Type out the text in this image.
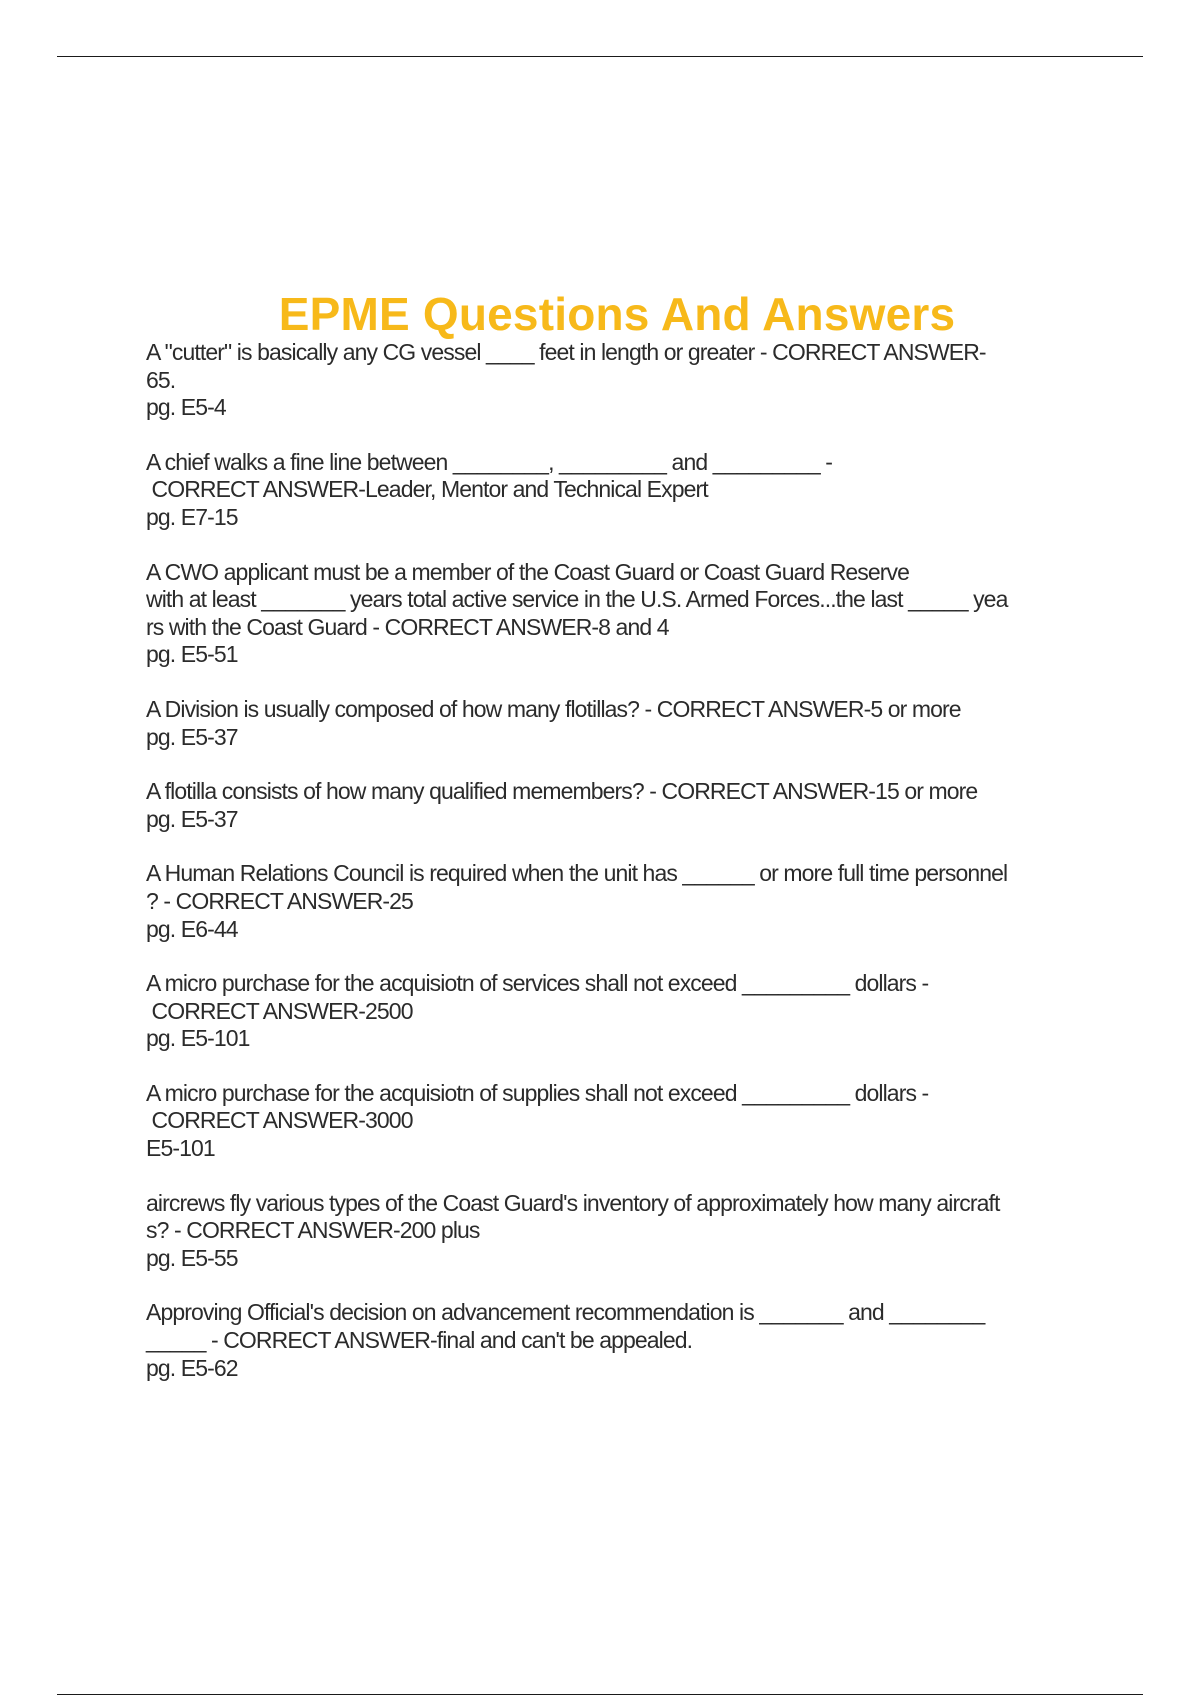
EPME Questions And Answers
A "cutter" is basically any CG vessel ____ feet in length or greater - CORRECT ANSWER-
65.
pg. E5-4
A chief walks a fine line between ________, _________ and _________ -
CORRECT ANSWER-Leader, Mentor and Technical Expert
pg. E7-15
A CWO applicant must be a member of the Coast Guard or Coast Guard Reserve
with at least _______ years total active service in the U.S. Armed Forces...the last _____ yea
rs with the Coast Guard - CORRECT ANSWER-8 and 4
pg. E5-51
A Division is usually composed of how many flotillas? - CORRECT ANSWER-5 or more
pg. E5-37
A flotilla consists of how many qualified memembers? - CORRECT ANSWER-15 or more
pg. E5-37
A Human Relations Council is required when the unit has ______ or more full time personnel
? - CORRECT ANSWER-25
pg. E6-44
A micro purchase for the acquisiotn of services shall not exceed _________ dollars -
CORRECT ANSWER-2500
pg. E5-101
A micro purchase for the acquisiotn of supplies shall not exceed _________ dollars -
CORRECT ANSWER-3000
E5-101
aircrews fly various types of the Coast Guard's inventory of approximately how many aircraft
s? - CORRECT ANSWER-200 plus
pg. E5-55
Approving Official's decision on advancement recommendation is _______ and ________
_____ - CORRECT ANSWER-final and can't be appealed.
pg. E5-62
